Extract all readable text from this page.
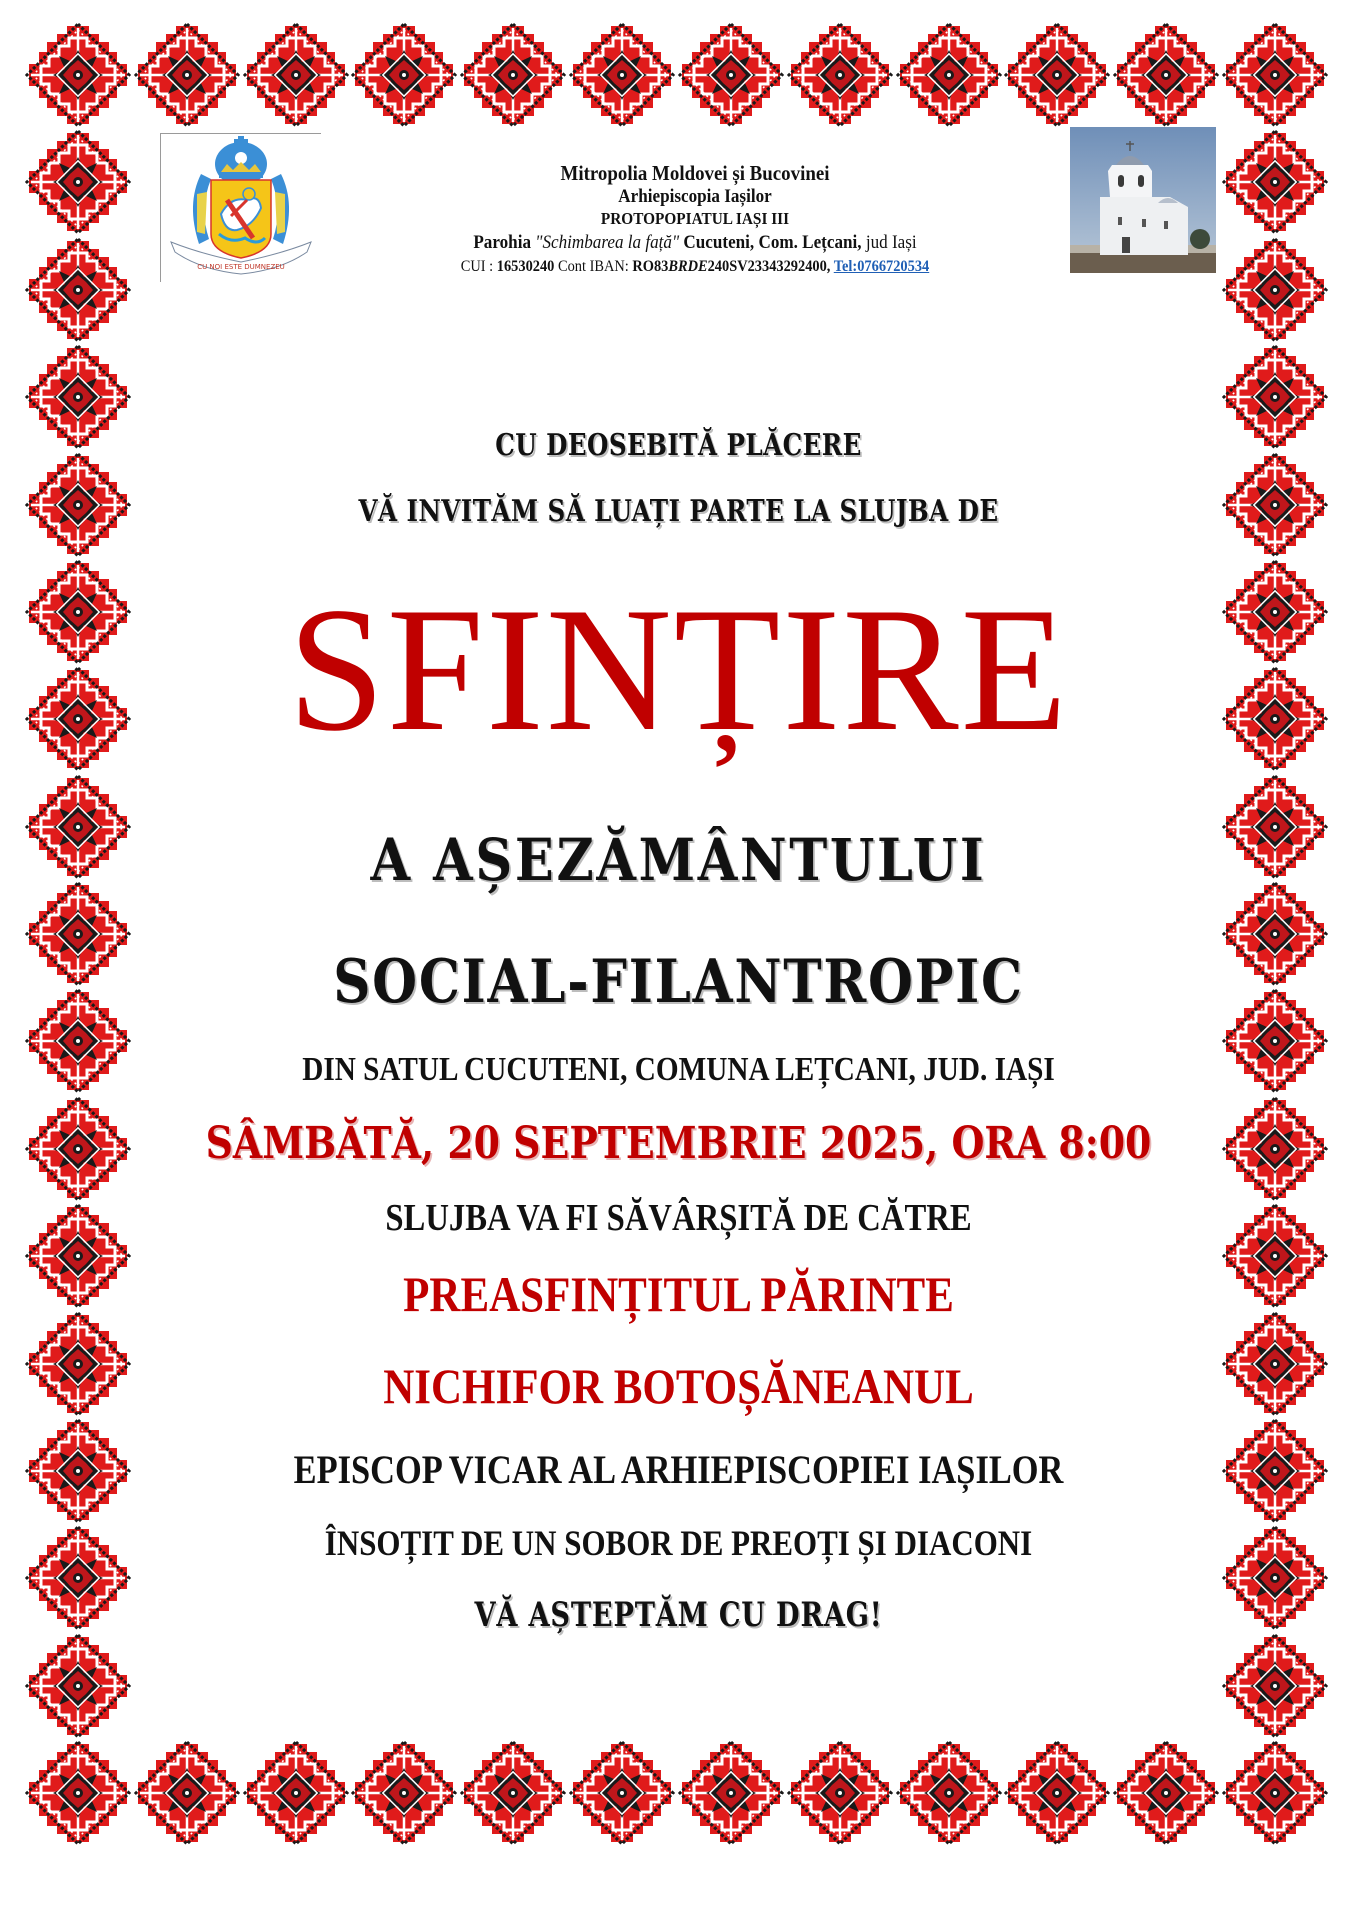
CU NOI ESTE DUMNEZEU
Mitropolia Moldovei și Bucovinei
Arhiepiscopia Iașilor
PROTOPOPIATUL IAȘI III
Parohia "Schimbarea la față" Cucuteni, Com. Lețcani, jud Iași
CUI : 16530240 Cont IBAN: RO83BRDE240SV23343292400, Tel:0766720534
CU DEOSEBITĂ PLĂCERE
VĂ INVITĂM SĂ LUAȚI PARTE LA SLUJBA DE
SFINȚIRE
A AȘEZĂMÂNTULUI
SOCIAL-FILANTROPIC
DIN SATUL CUCUTENI, COMUNA LEȚCANI, JUD. IAȘI
SÂMBĂTĂ, 20 SEPTEMBRIE 2025, ORA 8:00
SLUJBA VA FI SĂVÂRȘITĂ DE CĂTRE
PREASFINȚITUL PĂRINTE
NICHIFOR BOTOȘĂNEANUL
EPISCOP VICAR AL ARHIEPISCOPIEI IAȘILOR
ÎNSOȚIT DE UN SOBOR DE PREOȚI ȘI DIACONI
VĂ AȘTEPTĂM CU DRAG!
